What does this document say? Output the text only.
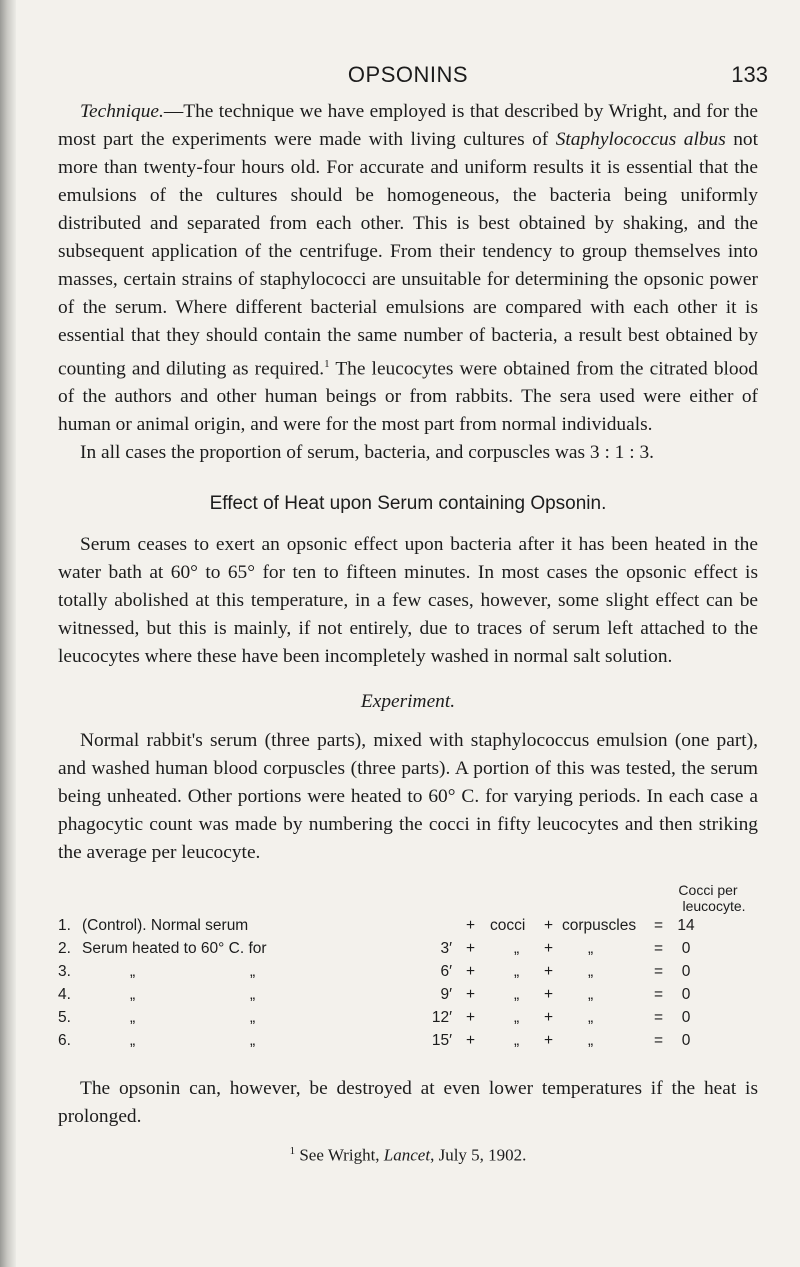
OPSONINS	133

Technique.—The technique we have employed is that described by Wright, and for the most part the experiments were made with living cultures of Staphylococcus albus not more than twenty-four hours old. For accurate and uniform results it is essential that the emulsions of the cultures should be homogeneous, the bacteria being uniformly distributed and separated from each other. This is best obtained by shaking, and the subsequent application of the centrifuge. From their tendency to group themselves into masses, certain strains of staphylococci are unsuitable for determining the opsonic power of the serum. Where different bacterial emulsions are compared with each other it is essential that they should contain the same number of bacteria, a result best obtained by counting and diluting as required.$^1$ The leucocytes were obtained from the citrated blood of the authors and other human beings or from rabbits. The sera used were either of human or animal origin, and were for the most part from normal individuals.

In all cases the proportion of serum, bacteria, and corpuscles was 3 : 1 : 3.

Effect of Heat upon Serum containing Opsonin.

Serum ceases to exert an opsonic effect upon bacteria after it has been heated in the water bath at 60° to 65° for ten to fifteen minutes. In most cases the opsonic effect is totally abolished at this temperature, in a few cases, however, some slight effect can be witnessed, but this is mainly, if not entirely, due to traces of serum left attached to the leucocytes where these have been incompletely washed in normal salt solution.

Experiment.

Normal rabbit's serum (three parts), mixed with staphylococcus emulsion (one part), and washed human blood corpuscles (three parts). A portion of this was tested, the serum being unheated. Other portions were heated to 60° C. for varying periods. In each case a phagocytic count was made by numbering the cocci in fifty leucocytes and then striking the average per leucocyte.

Cocci per
leucocyte.
1. (Control). Normal serum	+ cocci + corpuscles = 14
2. Serum heated to 60° C. for	3′ +	„ + „	=	0
3.	„	„	6′ +	„ + „	=	0
4.	„	„	9′ +	„ + „	=	0
5.	„	„	12′ +	„ + „	=	0
6.	„	„	15′ +	„ + „	=	0

The opsonin can, however, be destroyed at even lower temperatures if the heat is prolonged.

$^1$ See Wright, Lancet, July 5, 1902.
